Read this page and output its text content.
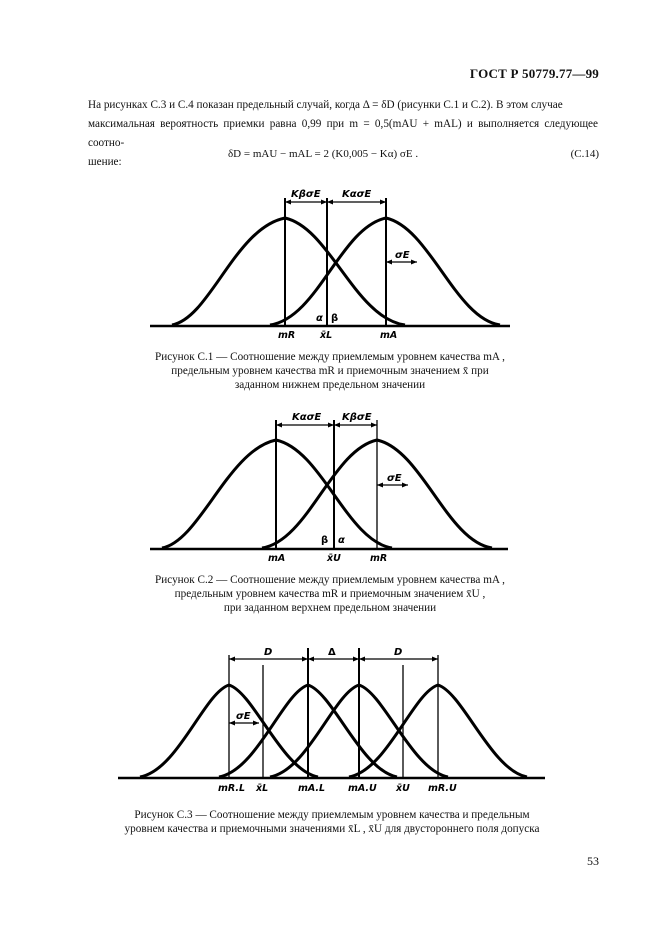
ГОСТ Р 50779.77—99

На рисунках С.3 и С.4 показан предельный случай, когда Δ = δD (рисунки С.1 и С.2). В этом случае

максимальная вероятность приемки равна 0,99 при m = 0,5(mAU + mAL) и выполняется следующее соотно-

шение:

δD = mAU − mAL = 2 (K0,005 − Kα) σE .	(С.14)
KβσE KασE
σE
α β
mR	x̄L	mA
Рисунок С.1 — Соотношение между приемлемым уровнем качества mA ,
предельным уровнем качества mR и приемочным значением x̄ при
заданном нижнем предельном значении
KασE KβσE
σE
β α
mA	x̄U	mR
Рисунок С.2 — Соотношение между приемлемым уровнем качества mA ,
предельным уровнем качества mR и приемочным значением x̄U ,
при заданном верхнем предельном значении
D	Δ	D
σE
mR.L x̄L	mA.L mA.U x̄U mR.U
Рисунок С.3 — Соотношение между приемлемым уровнем качества и предельным
уровнем качества и приемочными значениями x̄L , x̄U для двустороннего поля допуска
53
